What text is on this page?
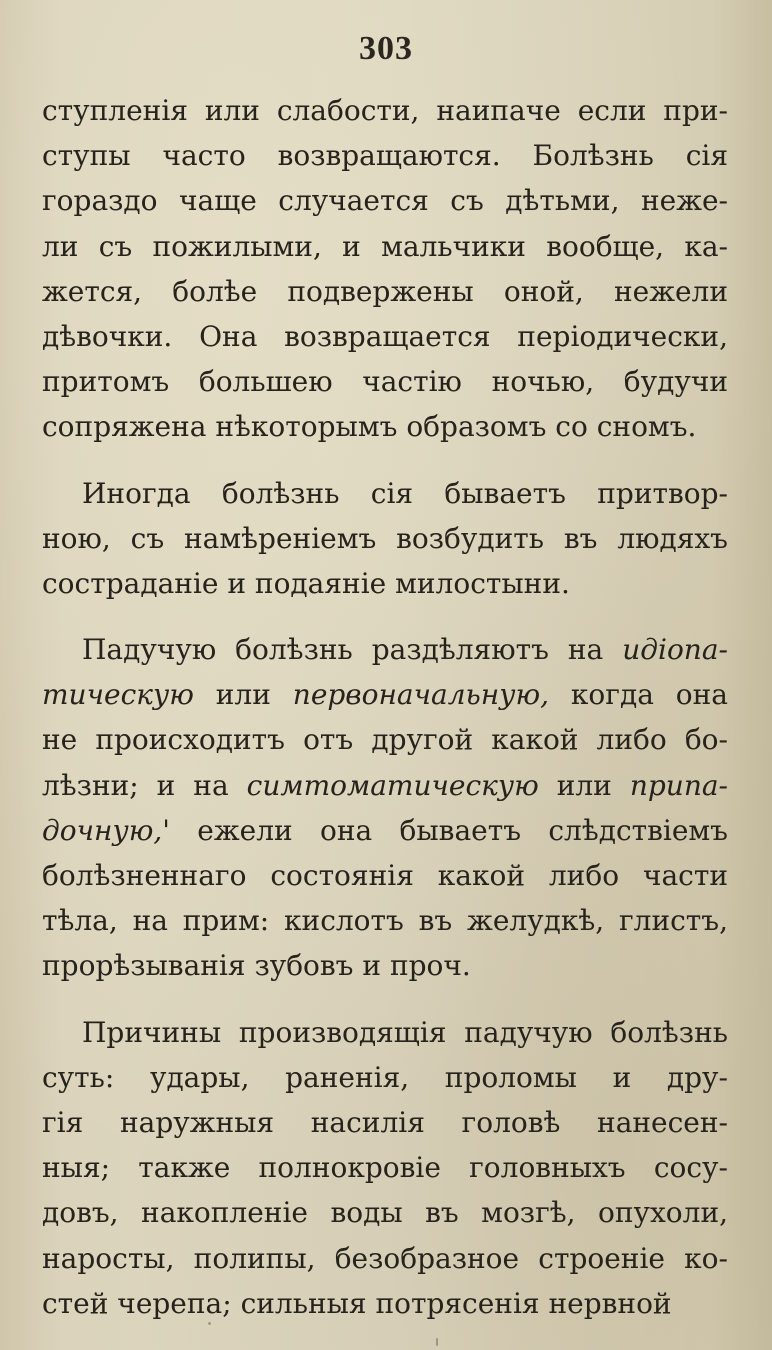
303
ступленія или слабости, наипаче если при-
ступы часто возвращаются. Болѣзнь сія
гораздо чаще случается съ дѣтьми, неже-
ли съ пожилыми, и мальчики вообще, ка-
жется, болѣе подвержены оной, нежели
дѣвочки. Она возвращается періодически,
притомъ большею частію ночью, будучи
сопряжена нѣкоторымъ образомъ со сномъ.
Иногда болѣзнь сія бываетъ притвор-
ною, съ намѣреніемъ возбудить въ людяхъ
состраданіе и подаяніе милостыни.
Падучую болѣзнь раздѣляютъ на идіопа-
тическую или первоначальную, когда она
не происходитъ отъ другой какой либо бо-
лѣзни; и на симтоматическую или припа-
дочную,' ежели она бываетъ слѣдствіемъ
болѣзненнаго состоянія какой либо части
тѣла, на прим: кислотъ въ желудкѣ, глистъ,
прорѣзыванія зубовъ и проч.
Причины производящія падучую болѣзнь
суть: удары, раненія, проломы и дру-
гія наружныя насилія головѣ нанесен-
ныя; также полнокровіе головныхъ сосу-
довъ, накопленіе воды въ мозгѣ, опухоли,
наросты, полипы, безобразное строеніе ко-
стей черепа; сильныя потрясенія нервной
